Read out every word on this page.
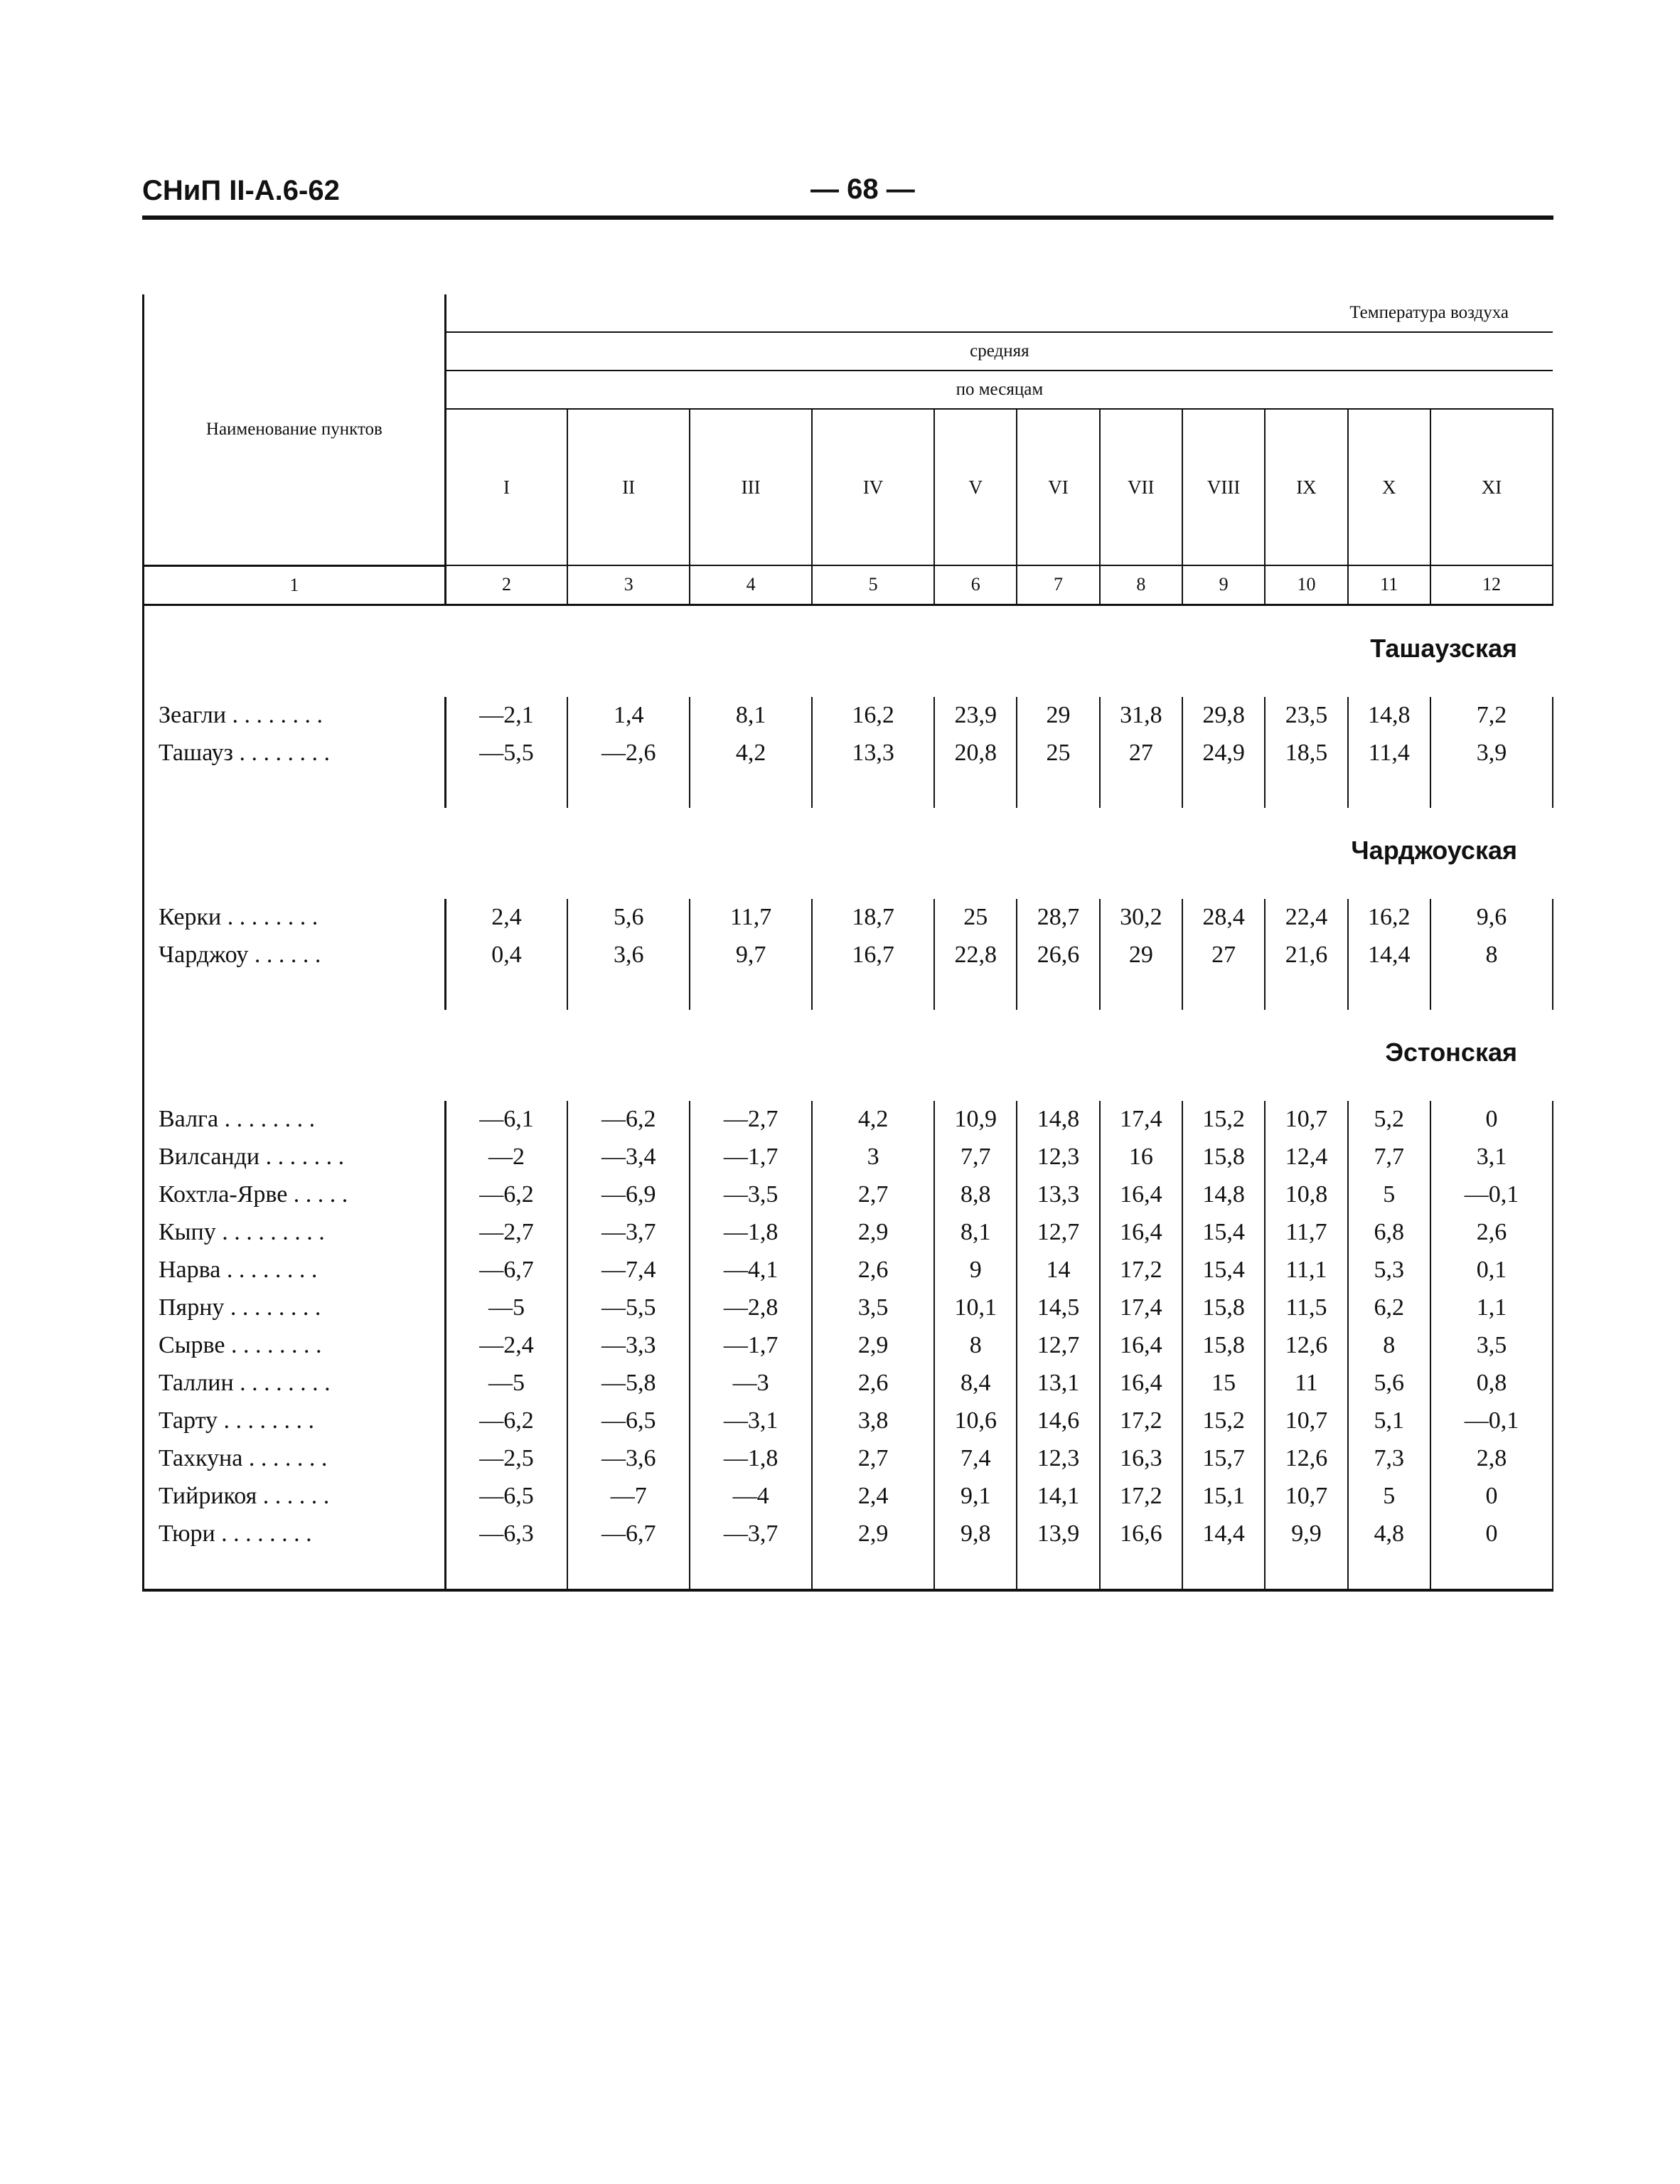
СНиП II-А.6-62	— 68 —
Наименование пунктов	Температура воздуха										
	средняя										
	по месяцам										
	I	II	III	IV	V	VI	VII	VIII	IX	X	XI
1	2	3	4	5	6	7	8	9	10	11	12
	Ташаузская										
Зеагли . . . . . . . .	—2,1	1,4	8,1	16,2	23,9	29	31,8	29,8	23,5	14,8	7,2
Ташауз . . . . . . . .	—5,5	—2,6	4,2	13,3	20,8	25	27	24,9	18,5	11,4	3,9

	Чарджоуская										
Керки . . . . . . . .	2,4	5,6	11,7	18,7	25	28,7	30,2	28,4	22,4	16,2	9,6
Чарджоу . . . . . .	0,4	3,6	9,7	16,7	22,8	26,6	29	27	21,6	14,4	8

	Эстонская										
Валга . . . . . . . .	—6,1	—6,2	—2,7	4,2	10,9	14,8	17,4	15,2	10,7	5,2	0
Вилсанди . . . . . . .	—2	—3,4	—1,7	3	7,7	12,3	16	15,8	12,4	7,7	3,1
Кохтла-Ярве . . . . .	—6,2	—6,9	—3,5	2,7	8,8	13,3	16,4	14,8	10,8	5	—0,1
Кыпу . . . . . . . . .	—2,7	—3,7	—1,8	2,9	8,1	12,7	16,4	15,4	11,7	6,8	2,6
Нарва . . . . . . . .	—6,7	—7,4	—4,1	2,6	9	14	17,2	15,4	11,1	5,3	0,1
Пярну . . . . . . . .	—5	—5,5	—2,8	3,5	10,1	14,5	17,4	15,8	11,5	6,2	1,1
Сырве . . . . . . . .	—2,4	—3,3	—1,7	2,9	8	12,7	16,4	15,8	12,6	8	3,5
Таллин . . . . . . . .	—5	—5,8	—3	2,6	8,4	13,1	16,4	15	11	5,6	0,8
Тарту . . . . . . . .	—6,2	—6,5	—3,1	3,8	10,6	14,6	17,2	15,2	10,7	5,1	—0,1
Тахкуна . . . . . . .	—2,5	—3,6	—1,8	2,7	7,4	12,3	16,3	15,7	12,6	7,3	2,8
Тийрикоя . . . . . .	—6,5	—7	—4	2,4	9,1	14,1	17,2	15,1	10,7	5	0
Тюри . . . . . . . .	—6,3	—6,7	—3,7	2,9	9,8	13,9	16,6	14,4	9,9	4,8	0
